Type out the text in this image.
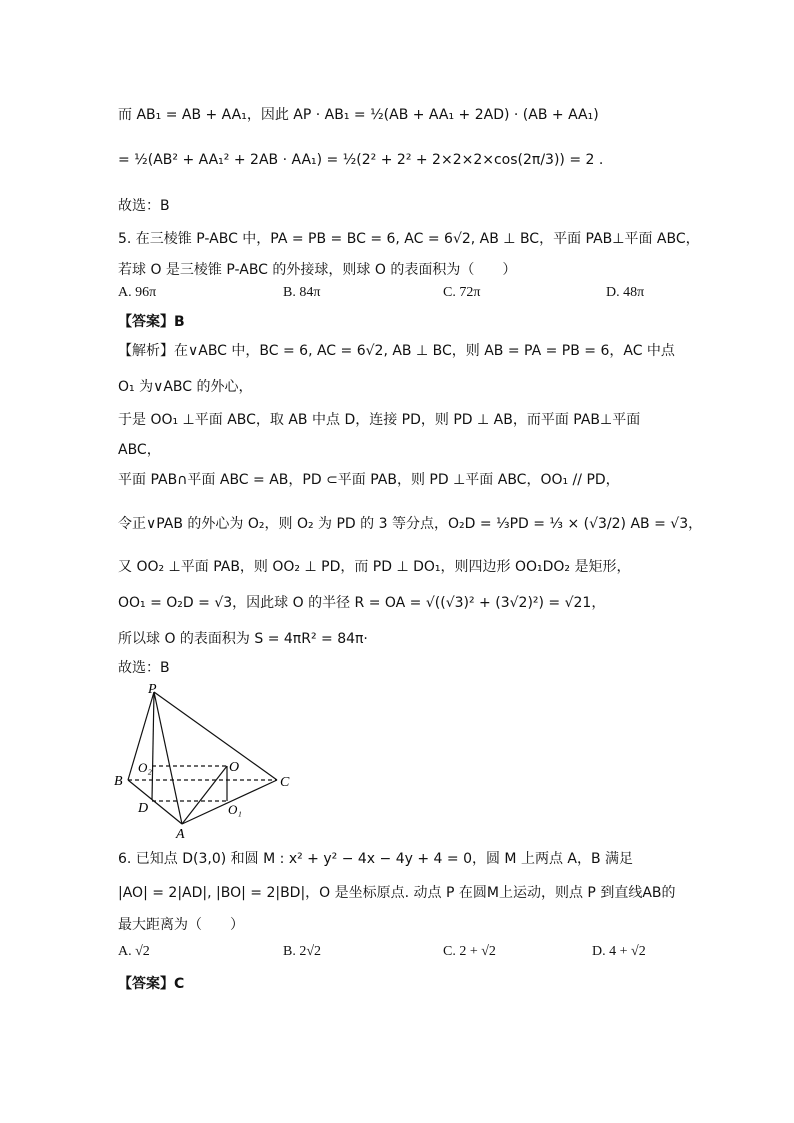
而 AB₁ = AB + AA₁，因此 AP · AB₁ = ½(AB + AA₁ + 2AD) · (AB + AA₁)
= ½(AB² + AA₁² + 2AB · AA₁) = ½(2² + 2² + 2×2×2×cos(2π/3)) = 2 .
故选：B
5. 在三棱锥 P-ABC 中，PA = PB = BC = 6, AC = 6√2, AB ⊥ BC，平面 PAB⊥平面 ABC，
若球 O 是三棱锥 P-ABC 的外接球，则球 O 的表面积为（　　）
A. 96π	B. 84π	C. 72π	D. 48π
【答案】B
【解析】在∨ABC 中，BC = 6, AC = 6√2, AB ⊥ BC，则 AB = PA = PB = 6，AC 中点
O₁ 为∨ABC 的外心，
于是 OO₁ ⊥平面 ABC，取 AB 中点 D，连接 PD，则 PD ⊥ AB，而平面 PAB⊥平面
ABC，
平面 PAB∩平面 ABC = AB，PD ⊂平面 PAB，则 PD ⊥平面 ABC，OO₁ // PD，
令正∨PAB 的外心为 O₂，则 O₂ 为 PD 的 3 等分点，O₂D = ⅓PD = ⅓ × (√3/2) AB = √3，
又 OO₂ ⊥平面 PAB，则 OO₂ ⊥ PD，而 PD ⊥ DO₁，则四边形 OO₁DO₂ 是矩形，
OO₁ = O₂D = √3，因此球 O 的半径 R = OA = √((√3)² + (3√2)²) = √21，
所以球 O 的表面积为 S = 4πR² = 84π·
故选：B
P
B	C
A
D
O
O₂
O₁
6. 已知点 D(3,0) 和圆 M : x² + y² − 4x − 4y + 4 = 0，圆 M 上两点 A，B 满足
|AO| = 2|AD|, |BO| = 2|BD|，O 是坐标原点. 动点 P 在圆M上运动，则点 P 到直线AB的
最大距离为（　　）
A. √2	B. 2√2	C. 2 + √2	D. 4 + √2
【答案】C
